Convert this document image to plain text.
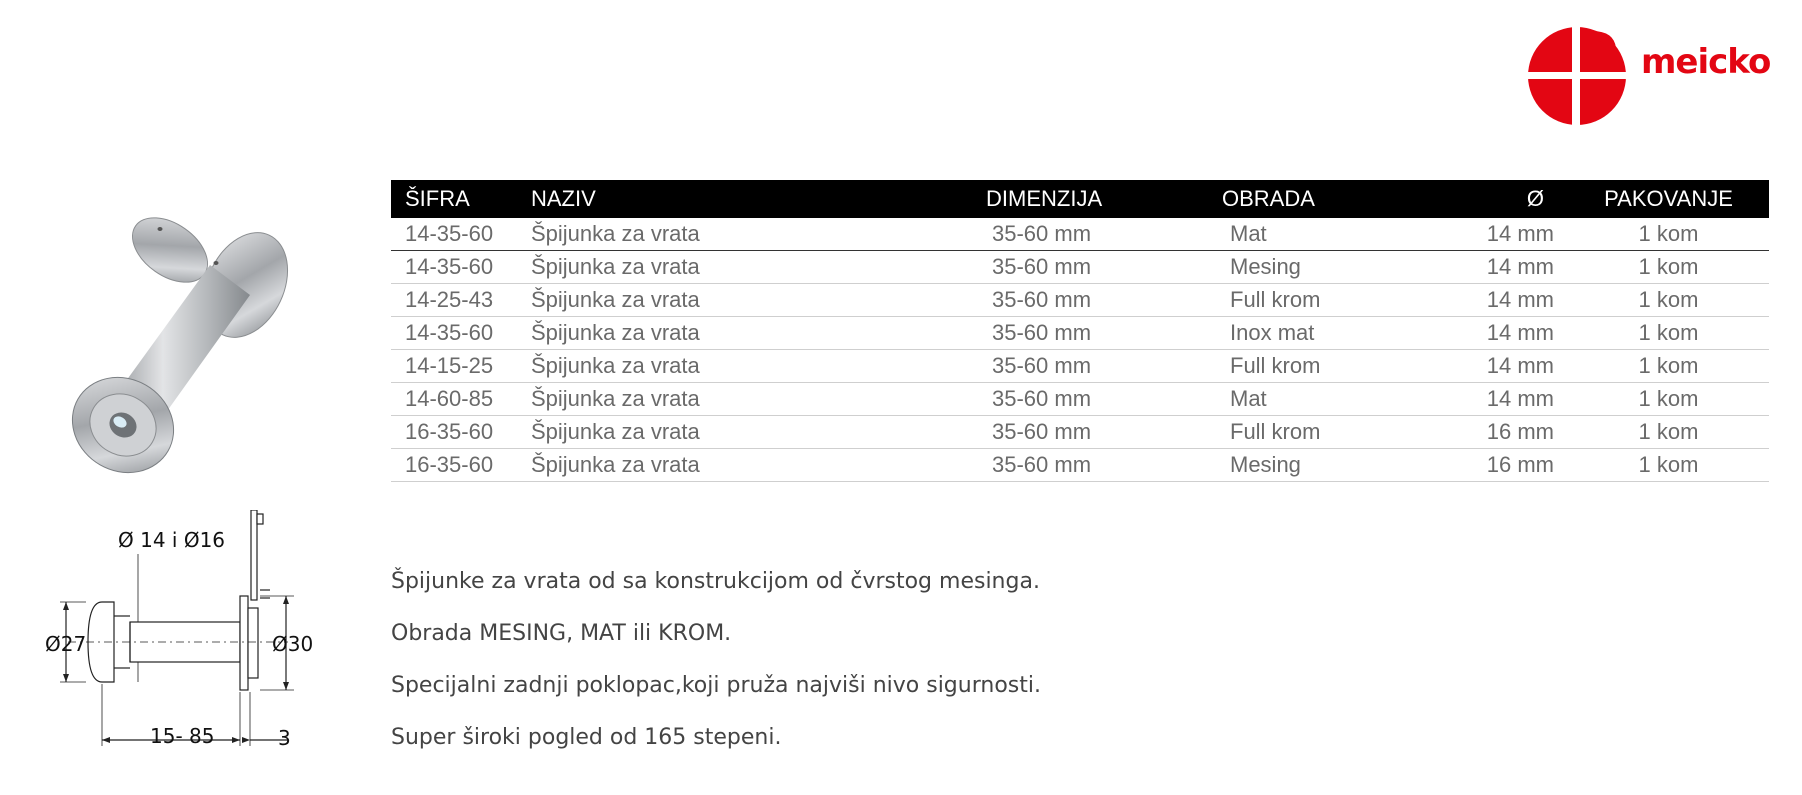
meicko
Ø 14 i Ø16
Ø27	Ø30
15- 85	3
ŠIFRA	NAZIV	DIMENZIJA	OBRADA	Ø	PAKOVANJE
14-35-60	Špijunka za vrata	35-60 mm	Mat	14 mm	1 kom
14-35-60	Špijunka za vrata	35-60 mm	Mesing	14 mm	1 kom
14-25-43	Špijunka za vrata	35-60 mm	Full krom	14 mm	1 kom
14-35-60	Špijunka za vrata	35-60 mm	Inox mat	14 mm	1 kom
14-15-25	Špijunka za vrata	35-60 mm	Full krom	14 mm	1 kom
14-60-85	Špijunka za vrata	35-60 mm	Mat	14 mm	1 kom
16-35-60	Špijunka za vrata	35-60 mm	Full krom	16 mm	1 kom
16-35-60	Špijunka za vrata	35-60 mm	Mesing	16 mm	1 kom

Špijunke za vrata od sa konstrukcijom od čvrstog mesinga.

Obrada MESING, MAT ili KROM.

Specijalni zadnji poklopac,koji pruža najviši nivo sigurnosti.

Super široki pogled od 165 stepeni.
